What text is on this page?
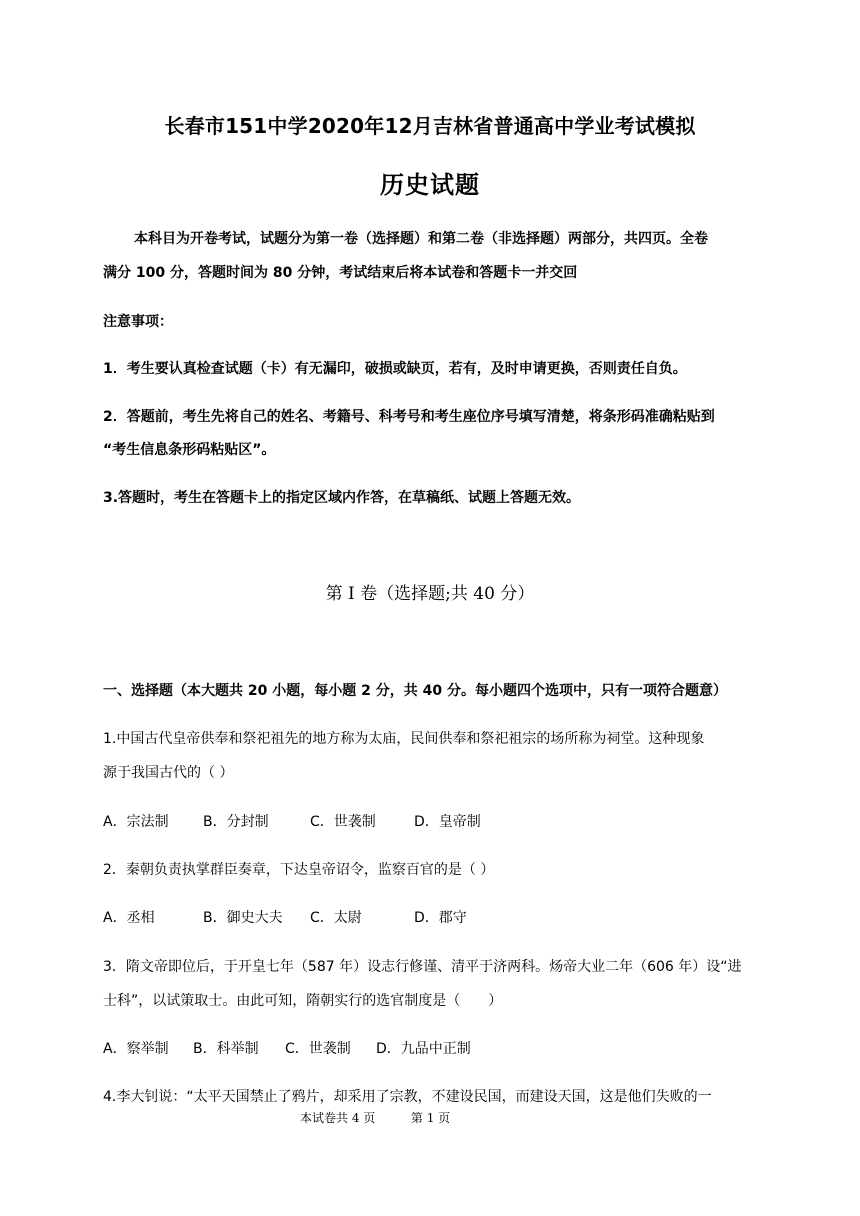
长春市151中学2020年12月吉林省普通高中学业考试模拟
历史试题
本科目为开卷考试，试题分为第一卷（选择题）和第二卷（非选择题）两部分，共四页。全卷
满分 100 分，答题时间为 80 分钟，考试结束后将本试卷和答题卡一并交回
注意事项：
1．考生要认真检查试题（卡）有无漏印，破损或缺页，若有，及时申请更换，否则责任自负。
2．答题前，考生先将自己的姓名、考籍号、科考号和考生座位序号填写清楚，将条形码准确粘贴到
“考生信息条形码粘贴区”。
3.答题时，考生在答题卡上的指定区域内作答，在草稿纸、试题上答题无效。
第 I 卷（选择题;共 40 分）
一、选择题（本大题共 20 小题，每小题 2 分，共 40 分。每小题四个选项中，只有一项符合题意）
1.中国古代皇帝供奉和祭祀祖先的地方称为太庙，民间供奉和祭祀祖宗的场所称为祠堂。这种现象
源于我国古代的（ ）
A．宗法制 B．分封制	C．世袭制	D．皇帝制
2．秦朝负责执掌群臣奏章，下达皇帝诏令，监察百官的是（ ）
A．丞相	B．御史大夫 C．太尉	D．郡守
3．隋文帝即位后，于开皇七年（587 年）设志行修谨、清平于济两科。炀帝大业二年（606 年）设“进
士科”，以试策取士。由此可知，隋朝实行的选官制度是（　　）
A．察举制 B．科举制 C．世袭制 D．九品中正制
4.李大钊说：“太平天国禁止了鸦片，却采用了宗教，不建设民国，而建设天国，这是他们失败的一
本试卷共 4 页	第 1 页
